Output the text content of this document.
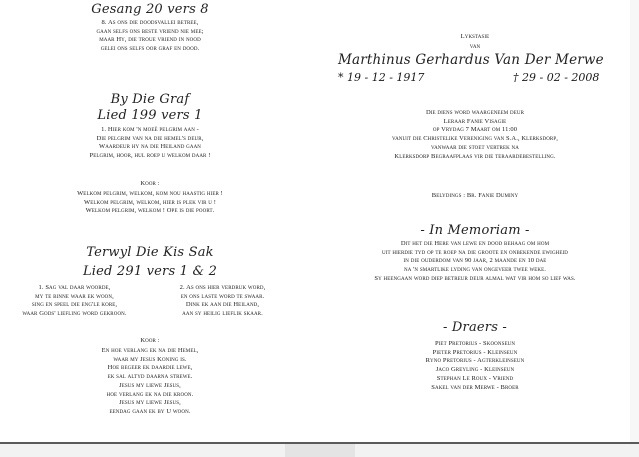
Gesang 20 vers 8
8. As ons die doodsvallei betree,
gaan selfs ons beste vriend nie mee;
maar Hy, die troue vriend in nood
gelei ons selfs oor graf en dood.
By Die Graf
Lied 199 vers 1
1. Hier kom 'n moeë pelgrim aan -
Die pelgrim van na die hemel's deur,
Waardeur hy na die Heiland gaan
Pelgrim, hoor, hul roep u welkom daar !
Koor :
Welkom pelgrim, welkom, kom nou haastig hier !
Welkom pelgrim, welkom, hier is plek vir u !
Welkom pelgrim, welkom ! Ope is die poort.
Terwyl Die Kis Sak
Lied 291 vers 1 & 2
1. Sag val daar woorde,
my te binne waar ek woon,
sing en speel die eng'le kore,
waar Gods' liefling word gekroon.
2. As ons hier verdruk word,
en ons laste word te swaar.
Dink ek aan die Heiland,
aan sy heilig lieflik skaar.
Koor :
En hoe verlang ek na die Hemel,
waar my Jesus Koning is.
Hoe begeer ek daardie lewe,
ek sal altyd daarna strewe.
Jesus my liewe Jesus,
hoe verlang ek na die kroon.
Jesus my liewe Jesus,
eendag gaan ek by U woon.
Lykstasie
van
Marthinus Gerhardus Van Der Merwe
* 19 - 12 - 1917	† 29 - 02 - 2008
Die diens word waargeneem deur
Leraar Fanie Visagie
op Vrydag 7 Maart om 11:00
vanuit die Christelike Vereniging van S.A., Klerksdorp,
vanwaar die stoet vertrek na
Klerksdorp Begraafplaas vir die teraardebestelling.
Belydings : Br. Fanie Duminy
- In Memoriam -
Dit het die Here van lewe en dood behaag om hom
uit hierdie tyd op te roep na die groote en onbekende ewigheid
in die ouderdom van 90 jaar, 2 maande en 10 dae
na 'n smartlike lyding van ongeveer twee weke.
Sy heengaan word diep betreur deur almal wat vir hom so lief was.
- Draers -
Piet Pretorius - Skoonseun
Pieter Pretorius - Kleinseun
Ryno Pretorius - Agterkleinseun
Jaco Greyling - Kleinseun
Stephan Le Roux - Vriend
Sakel van der Merwe - Broer
